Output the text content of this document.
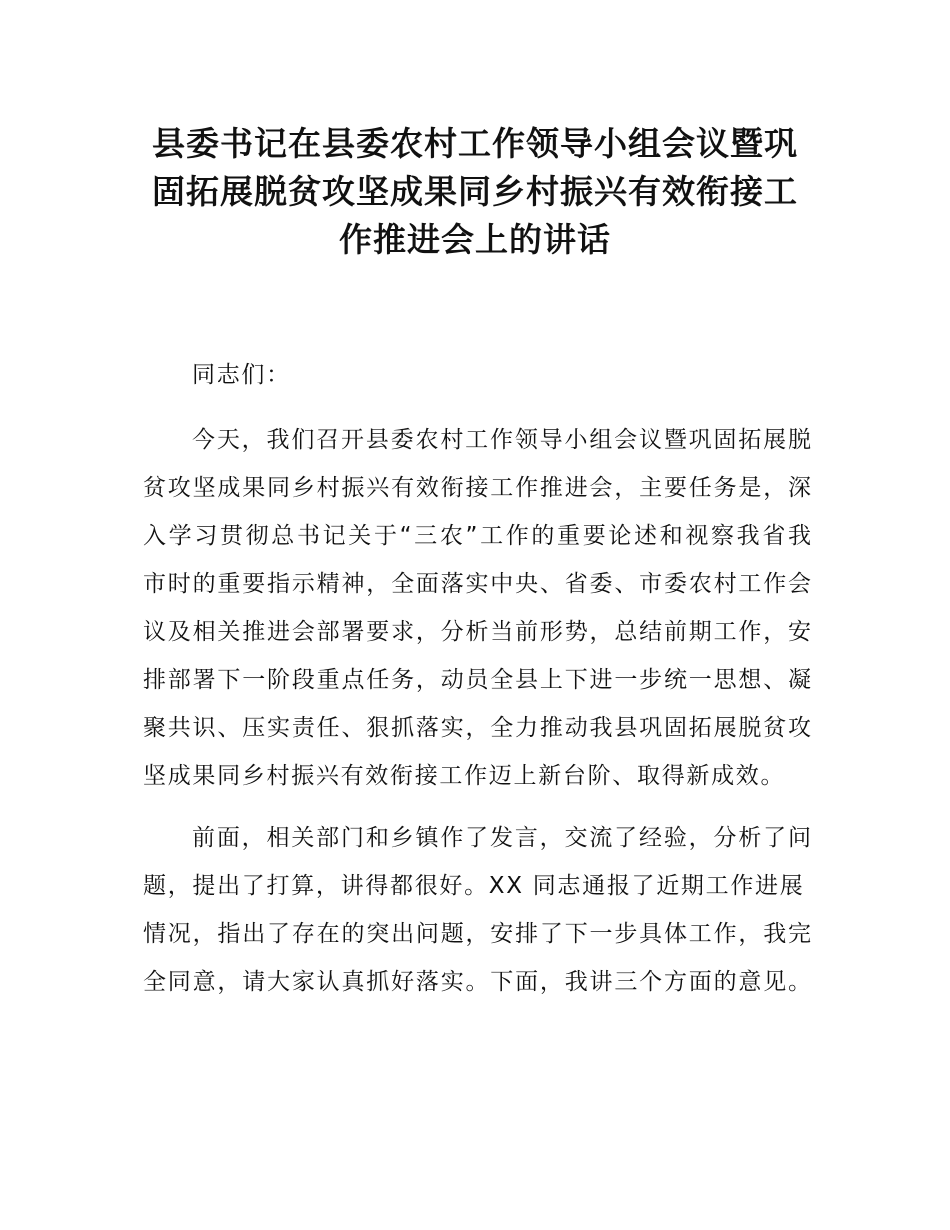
县委书记在县委农村工作领导小组会议暨巩
固拓展脱贫攻坚成果同乡村振兴有效衔接工
作推进会上的讲话
同志们：
今天，我们召开县委农村工作领导小组会议暨巩固拓展脱
贫攻坚成果同乡村振兴有效衔接工作推进会，主要任务是，深
入学习贯彻总书记关于“三农”工作的重要论述和视察我省我
市时的重要指示精神，全面落实中央、省委、市委农村工作会
议及相关推进会部署要求，分析当前形势，总结前期工作，安
排部署下一阶段重点任务，动员全县上下进一步统一思想、凝
聚共识、压实责任、狠抓落实，全力推动我县巩固拓展脱贫攻
坚成果同乡村振兴有效衔接工作迈上新台阶、取得新成效。
前面，相关部门和乡镇作了发言，交流了经验，分析了问
题，提出了打算，讲得都很好。XX 同志通报了近期工作进展
情况，指出了存在的突出问题，安排了下一步具体工作，我完
全同意，请大家认真抓好落实。下面，我讲三个方面的意见。
